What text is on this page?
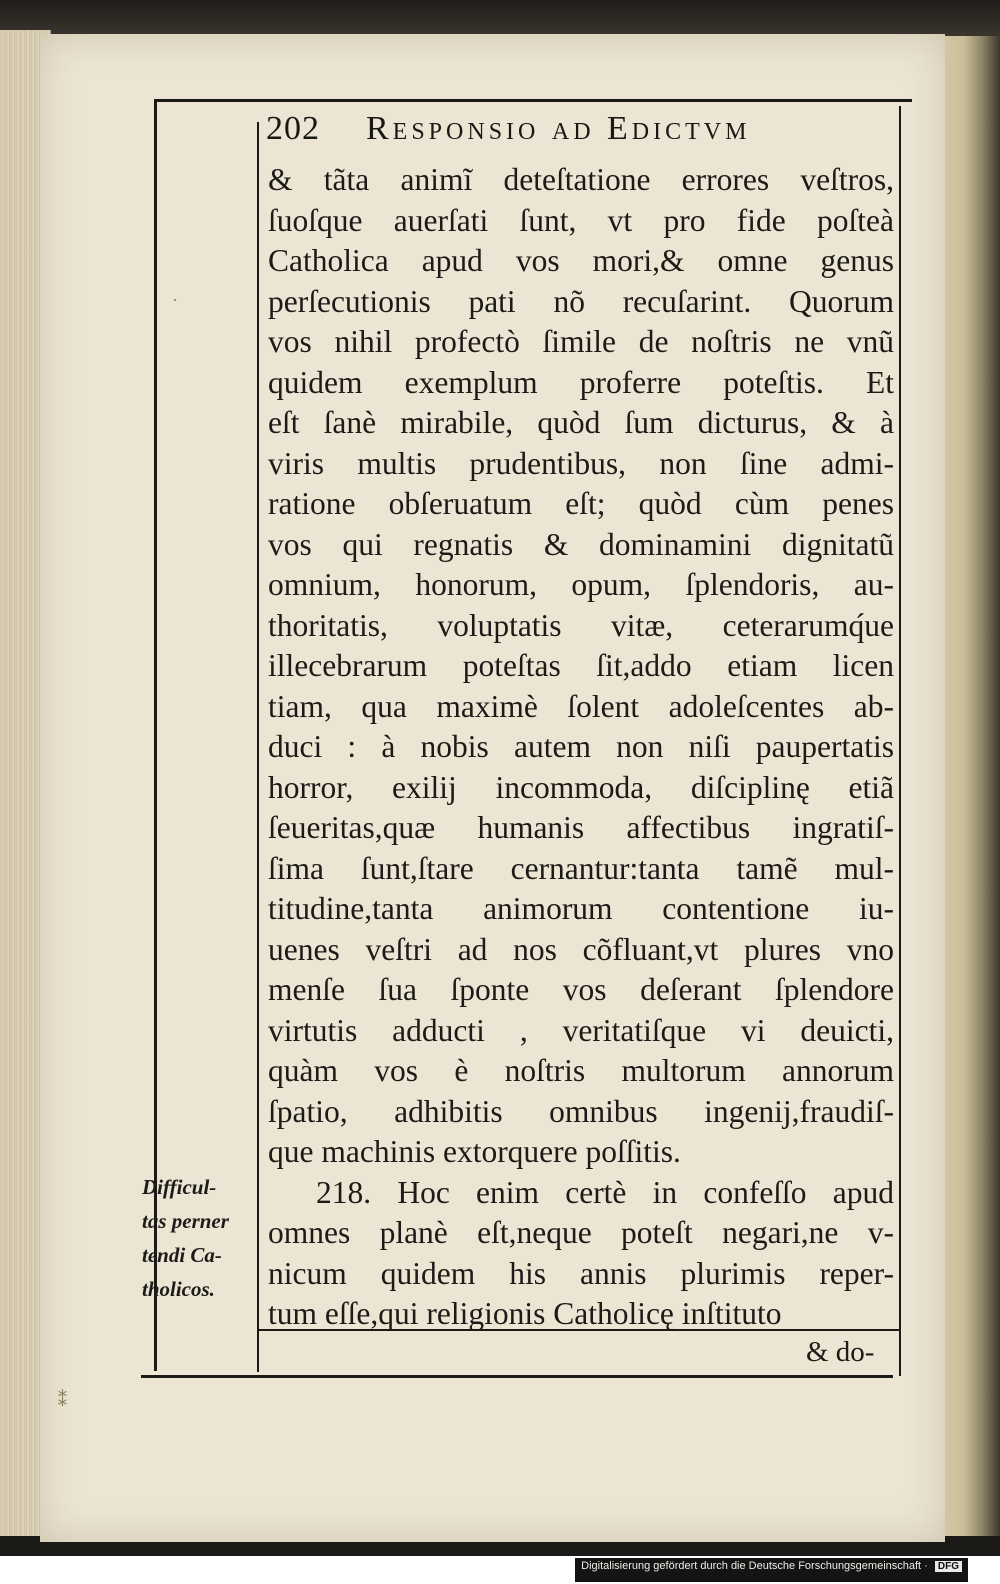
202 Responsio ad Edictvm
& tãta animĩ deteſtatione errores veſtros,
ſuoſque auerſati ſunt, vt pro fide poſteà
Catholica apud vos mori,& omne genus
perſecutionis pati nõ recuſarint. Quorum
vos nihil profectò ſimile de noſtris ne vnũ
quidem exemplum proferre poteſtis. Et
eſt ſanè mirabile, quòd ſum dicturus, & à
viris multis prudentibus, non ſine admi-
ratione obſeruatum eſt; quòd cùm penes
vos qui regnatis & dominamini dignitatũ
omnium, honorum, opum, ſplendoris, au-
thoritatis, voluptatis vitæ, ceterarumq́ue
illecebrarum poteſtas ſit,addo etiam licen
tiam, qua maximè ſolent adoleſcentes ab-
duci : à nobis autem non niſi paupertatis
horror, exilij incommoda, diſciplinę etiã
ſeueritas,quæ humanis affectibus ingratiſ-
ſima ſunt,ſtare cernantur:tanta tamẽ mul-
titudine,tanta animorum contentione iu-
uenes veſtri ad nos cõfluant,vt plures vno
menſe ſua ſponte vos deſerant ſplendore
virtutis adducti , veritatiſque vi deuicti,
quàm vos è noſtris multorum annorum
ſpatio, adhibitis omnibus ingenij,fraudiſ-
que machinis extorquere poſſitis.
218. Hoc enim certè in confeſſo apud
omnes planè eſt,neque poteſt negari,ne v-
nicum quidem his annis plurimis reper-
tum eſſe,qui religionis Catholicę inſtituto
Difficul-
tas perner
tendi Ca-
tholicos.
& do-
·
⁑
Digitalisierung gefördert durch die Deutsche Forschungsgemeinschaft · DFG
